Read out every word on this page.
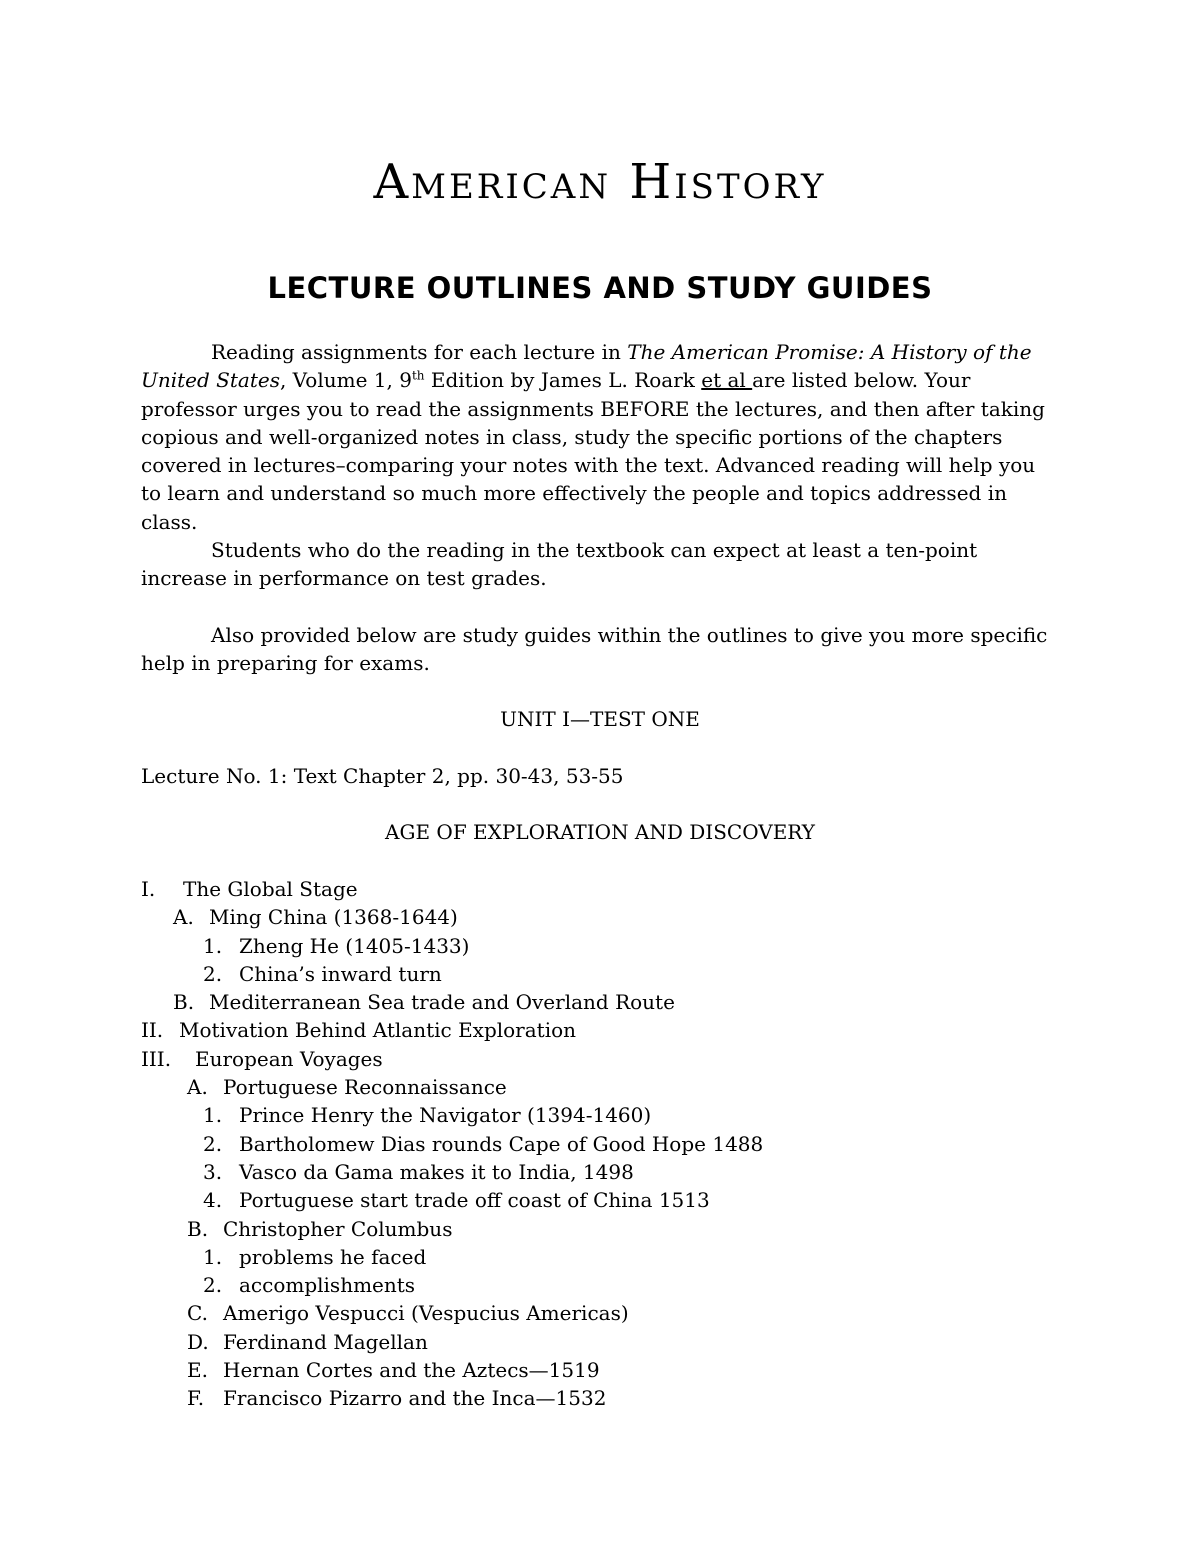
American History
LECTURE OUTLINES AND STUDY GUIDES

Reading assignments for each lecture in The American Promise: A History of the United States, Volume 1, 9th Edition by James L. Roark et al are listed below. Your professor urges you to read the assignments BEFORE the lectures, and then after taking copious and well-organized notes in class, study the specific portions of the chapters covered in lectures–comparing your notes with the text. Advanced reading will help you to learn and understand so much more effectively the people and topics addressed in class.

Students who do the reading in the textbook can expect at least a ten-point increase in performance on test grades.

Also provided below are study guides within the outlines to give you more specific help in preparing for exams.

UNIT I—TEST ONE
Lecture No. 1: Text Chapter 2, pp. 30-43, 53-55
AGE OF EXPLORATION AND DISCOVERY
I.	The Global Stage
A. Ming China (1368-1644)
1. Zheng He (1405-1433)
2. China’s inward turn
B. Mediterranean Sea trade and Overland Route
II. Motivation Behind Atlantic Exploration
III.	European Voyages
A. Portuguese Reconnaissance
1. Prince Henry the Navigator (1394-1460)
2. Bartholomew Dias rounds Cape of Good Hope 1488
3. Vasco da Gama makes it to India, 1498
4. Portuguese start trade off coast of China 1513
B. Christopher Columbus
1. problems he faced
2. accomplishments
C. Amerigo Vespucci (Vespucius Americas)
D. Ferdinand Magellan
E. Hernan Cortes and the Aztecs—1519
F. Francisco Pizarro and the Inca—1532
